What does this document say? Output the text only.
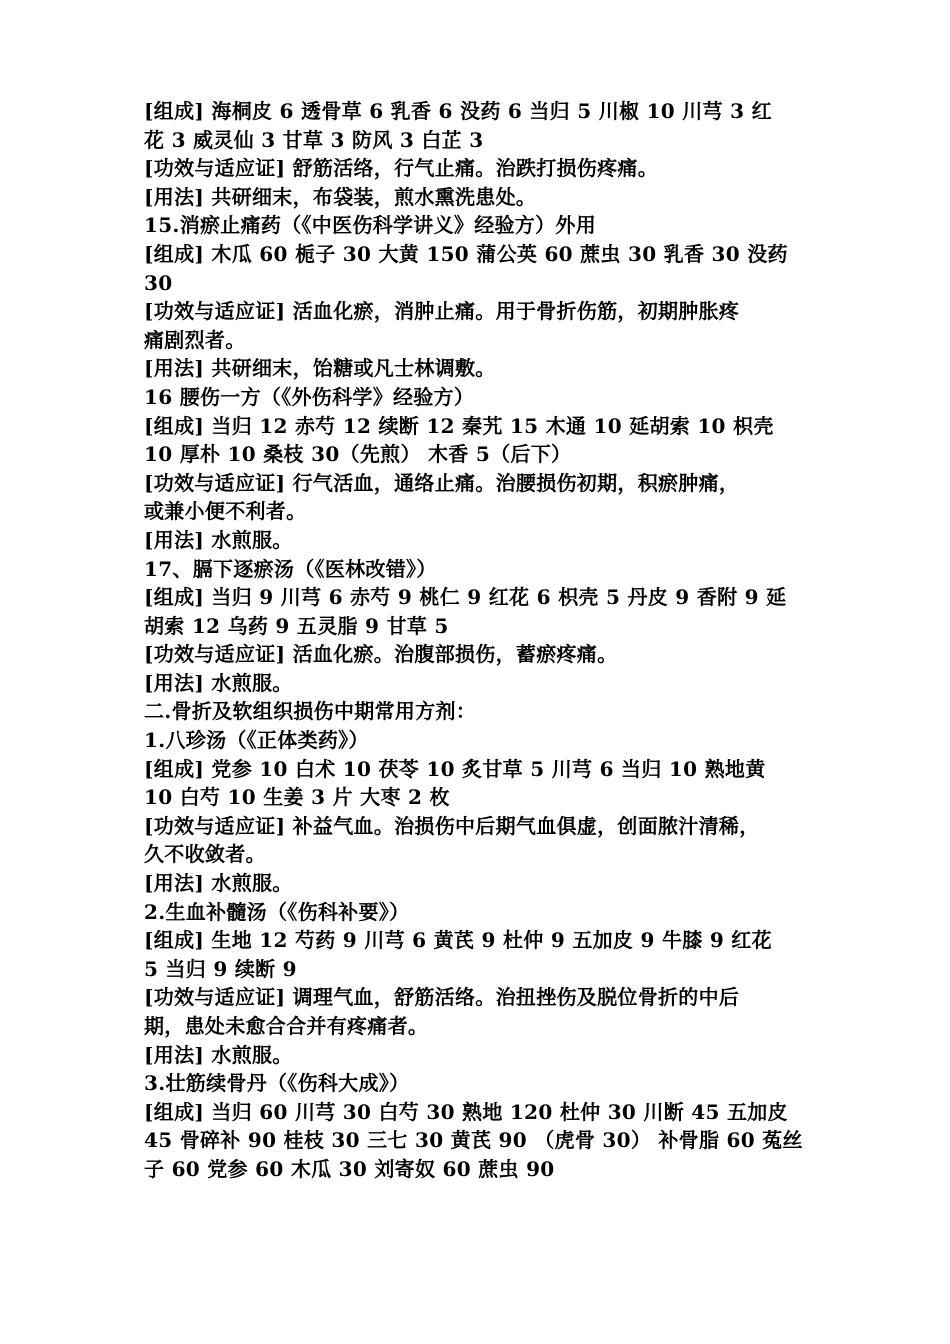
[组成] 海桐皮 6 透骨草 6 乳香 6 没药 6 当归 5 川椒 10 川芎 3 红
花 3 威灵仙 3 甘草 3 防风 3 白芷 3
[功效与适应证] 舒筋活络，行气止痛。治跌打损伤疼痛。
[用法] 共研细末，布袋装，煎水熏洗患处。
15.消瘀止痛药（《中医伤科学讲义》经验方）外用
[组成] 木瓜 60 栀子 30 大黄 150 蒲公英 60 蔗虫 30 乳香 30 没药
30
[功效与适应证] 活血化瘀，消肿止痛。用于骨折伤筋，初期肿胀疼
痛剧烈者。
[用法] 共研细末，饴糖或凡士林调敷。
16 腰伤一方（《外伤科学》经验方）
[组成] 当归 12 赤芍 12 续断 12 秦艽 15 木通 10 延胡索 10 枳壳
10 厚朴 10 桑枝 30（先煎） 木香 5（后下）
[功效与适应证] 行气活血，通络止痛。治腰损伤初期，积瘀肿痛，
或兼小便不利者。
[用法] 水煎服。
17、膈下逐瘀汤（《医林改错》）
[组成] 当归 9 川芎 6 赤芍 9 桃仁 9 红花 6 枳壳 5 丹皮 9 香附 9 延
胡索 12 乌药 9 五灵脂 9 甘草 5
[功效与适应证] 活血化瘀。治腹部损伤，蓄瘀疼痛。
[用法] 水煎服。
二.骨折及软组织损伤中期常用方剂：
1.八珍汤（《正体类药》）
[组成] 党参 10 白术 10 茯苓 10 炙甘草 5 川芎 6 当归 10 熟地黄
10 白芍 10 生姜 3 片 大枣 2 枚
[功效与适应证] 补益气血。治损伤中后期气血俱虚，创面脓汁清稀，
久不收敛者。
[用法] 水煎服。
2.生血补髓汤（《伤科补要》）
[组成] 生地 12 芍药 9 川芎 6 黄芪 9 杜仲 9 五加皮 9 牛膝 9 红花
5 当归 9 续断 9
[功效与适应证] 调理气血，舒筋活络。治扭挫伤及脱位骨折的中后
期，患处未愈合合并有疼痛者。
[用法] 水煎服。
3.壮筋续骨丹（《伤科大成》）
[组成] 当归 60 川芎 30 白芍 30 熟地 120 杜仲 30 川断 45 五加皮
45 骨碎补 90 桂枝 30 三七 30 黄芪 90 （虎骨 30） 补骨脂 60 菟丝
子 60 党参 60 木瓜 30 刘寄奴 60 蔗虫 90
